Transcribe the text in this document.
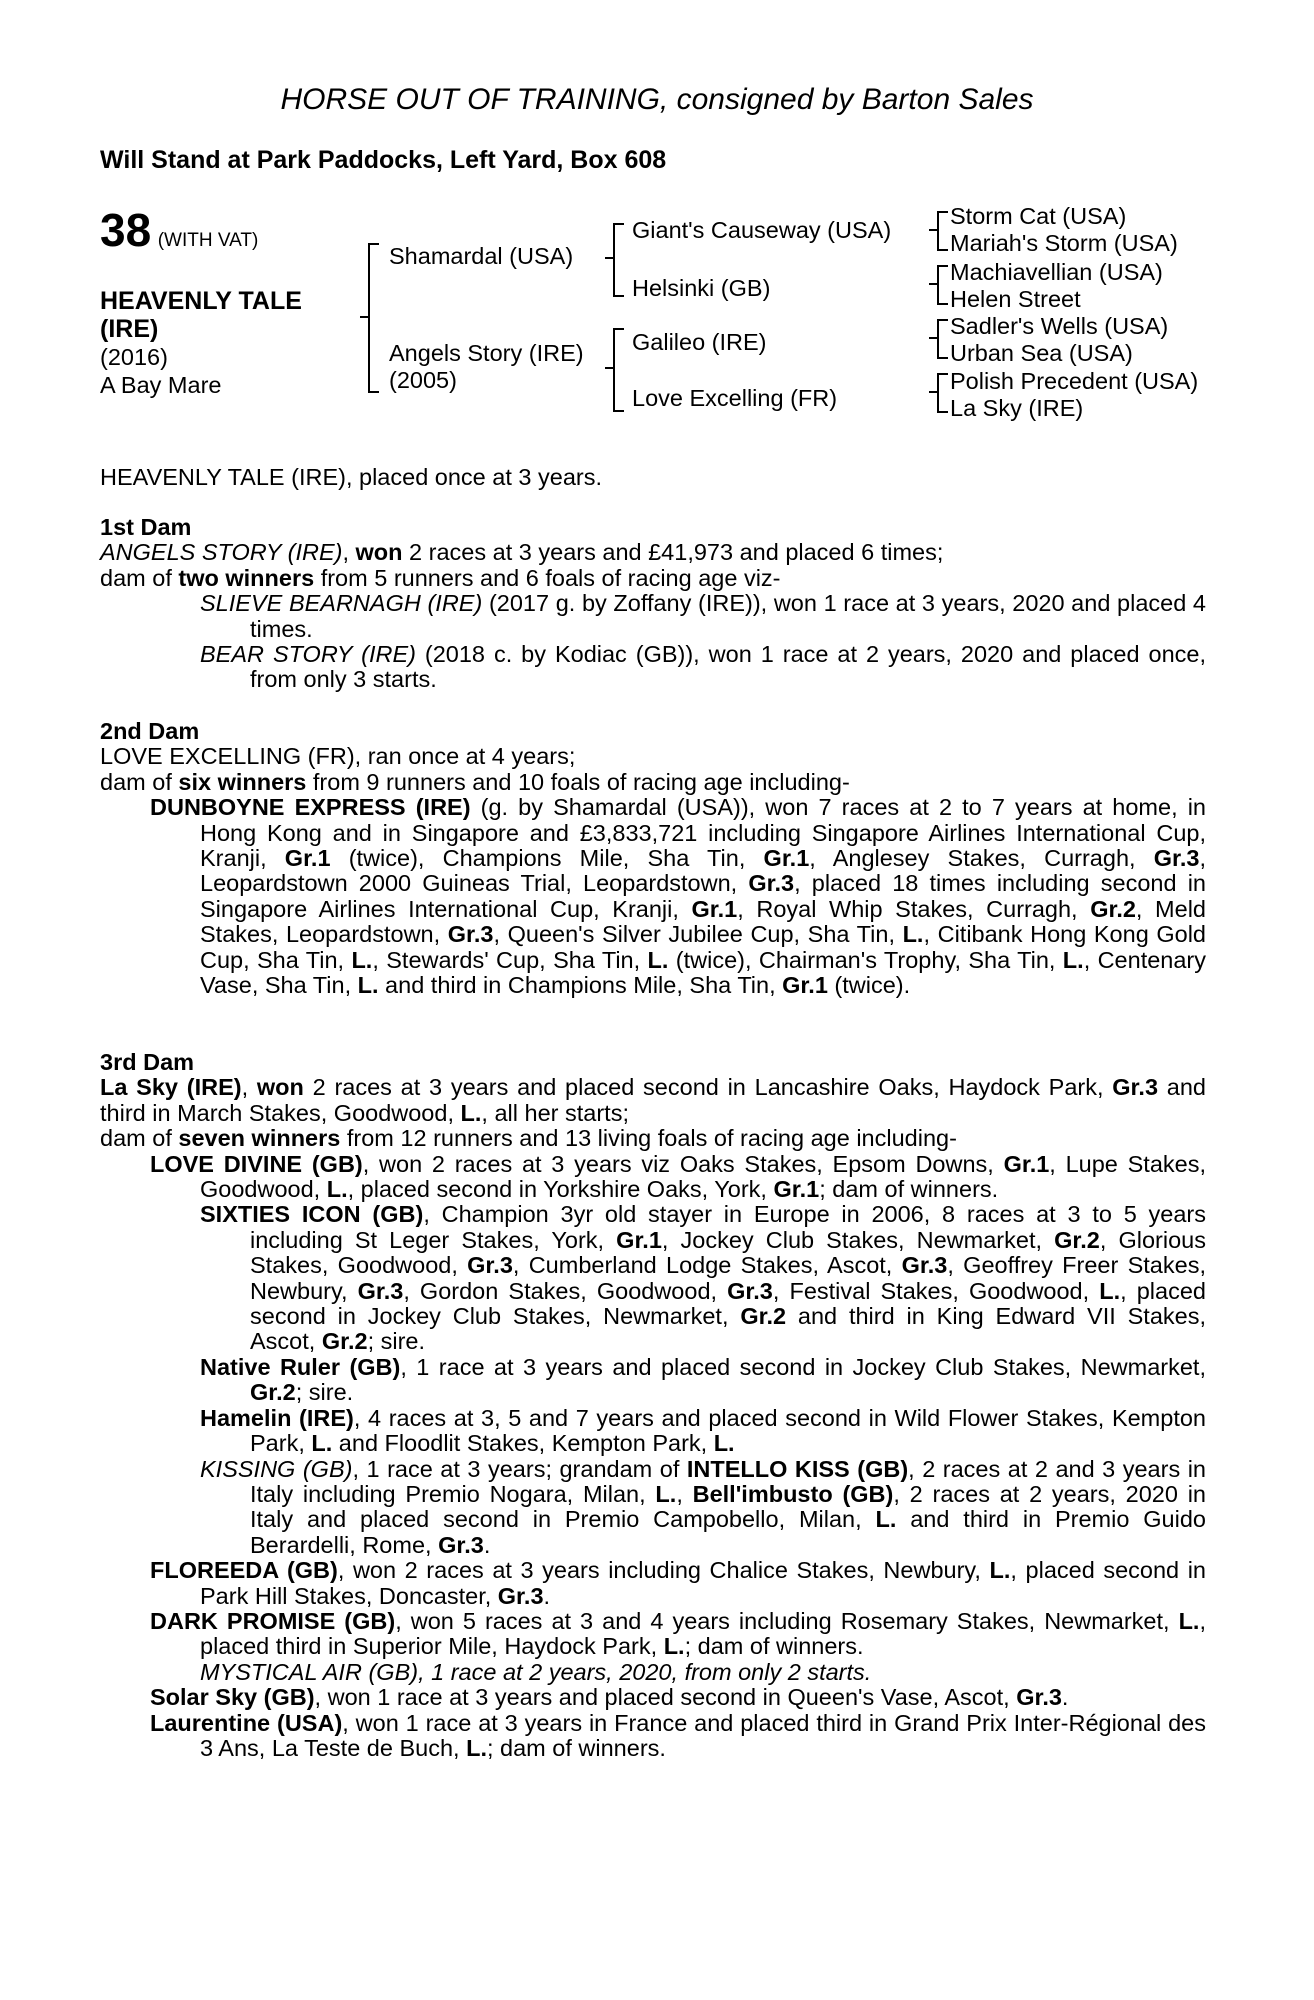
HORSE OUT OF TRAINING, consigned by Barton Sales
Will Stand at Park Paddocks, Left Yard, Box 608
38 (WITH VAT)
HEAVENLY TALE
(IRE)
(2016)
A Bay Mare
Shamardal (USA)
Angels Story (IRE)
(2005)
Giant's Causeway (USA)
Helsinki (GB)
Galileo (IRE)
Love Excelling (FR)
Storm Cat (USA)
Mariah's Storm (USA)
Machiavellian (USA)
Helen Street
Sadler's Wells (USA)
Urban Sea (USA)
Polish Precedent (USA)
La Sky (IRE)

HEAVENLY TALE (IRE), placed once at 3 years.

1st Dam

ANGELS STORY (IRE), won 2 races at 3 years and £41,973 and placed 6 times;

dam of two winners from 5 runners and 6 foals of racing age viz-

SLIEVE BEARNAGH (IRE) (2017 g. by Zoffany (IRE)), won 1 race at 3 years, 2020 and placed 4 times.

BEAR STORY (IRE) (2018 c. by Kodiac (GB)), won 1 race at 2 years, 2020 and placed once, from only 3 starts.

2nd Dam

LOVE EXCELLING (FR), ran once at 4 years;

dam of six winners from 9 runners and 10 foals of racing age including-

DUNBOYNE EXPRESS (IRE) (g. by Shamardal (USA)), won 7 races at 2 to 7 years at home, in Hong Kong and in Singapore and £3,833,721 including Singapore Airlines International Cup, Kranji, Gr.1 (twice), Champions Mile, Sha Tin, Gr.1, Anglesey Stakes, Curragh, Gr.3, Leopardstown 2000 Guineas Trial, Leopardstown, Gr.3, placed 18 times including second in Singapore Airlines International Cup, Kranji, Gr.1, Royal Whip Stakes, Curragh, Gr.2, Meld Stakes, Leopardstown, Gr.3, Queen's Silver Jubilee Cup, Sha Tin, L., Citibank Hong Kong Gold Cup, Sha Tin, L., Stewards' Cup, Sha Tin, L. (twice), Chairman's Trophy, Sha Tin, L., Centenary Vase, Sha Tin, L. and third in Champions Mile, Sha Tin, Gr.1 (twice).

3rd Dam

La Sky (IRE), won 2 races at 3 years and placed second in Lancashire Oaks, Haydock Park, Gr.3 and third in March Stakes, Goodwood, L., all her starts;

dam of seven winners from 12 runners and 13 living foals of racing age including-

LOVE DIVINE (GB), won 2 races at 3 years viz Oaks Stakes, Epsom Downs, Gr.1, Lupe Stakes, Goodwood, L., placed second in Yorkshire Oaks, York, Gr.1; dam of winners.

SIXTIES ICON (GB), Champion 3yr old stayer in Europe in 2006, 8 races at 3 to 5 years including St Leger Stakes, York, Gr.1, Jockey Club Stakes, Newmarket, Gr.2, Glorious Stakes, Goodwood, Gr.3, Cumberland Lodge Stakes, Ascot, Gr.3, Geoffrey Freer Stakes, Newbury, Gr.3, Gordon Stakes, Goodwood, Gr.3, Festival Stakes, Goodwood, L., placed second in Jockey Club Stakes, Newmarket, Gr.2 and third in King Edward VII Stakes, Ascot, Gr.2; sire.

Native Ruler (GB), 1 race at 3 years and placed second in Jockey Club Stakes, Newmarket, Gr.2; sire.

Hamelin (IRE), 4 races at 3, 5 and 7 years and placed second in Wild Flower Stakes, Kempton Park, L. and Floodlit Stakes, Kempton Park, L.

KISSING (GB), 1 race at 3 years; grandam of INTELLO KISS (GB), 2 races at 2 and 3 years in Italy including Premio Nogara, Milan, L., Bell'imbusto (GB), 2 races at 2 years, 2020 in Italy and placed second in Premio Campobello, Milan, L. and third in Premio Guido Berardelli, Rome, Gr.3.

FLOREEDA (GB), won 2 races at 3 years including Chalice Stakes, Newbury, L., placed second in Park Hill Stakes, Doncaster, Gr.3.

DARK PROMISE (GB), won 5 races at 3 and 4 years including Rosemary Stakes, Newmarket, L., placed third in Superior Mile, Haydock Park, L.; dam of winners.

MYSTICAL AIR (GB), 1 race at 2 years, 2020, from only 2 starts.

Solar Sky (GB), won 1 race at 3 years and placed second in Queen's Vase, Ascot, Gr.3.

Laurentine (USA), won 1 race at 3 years in France and placed third in Grand Prix Inter-Régional des 3 Ans, La Teste de Buch, L.; dam of winners.
